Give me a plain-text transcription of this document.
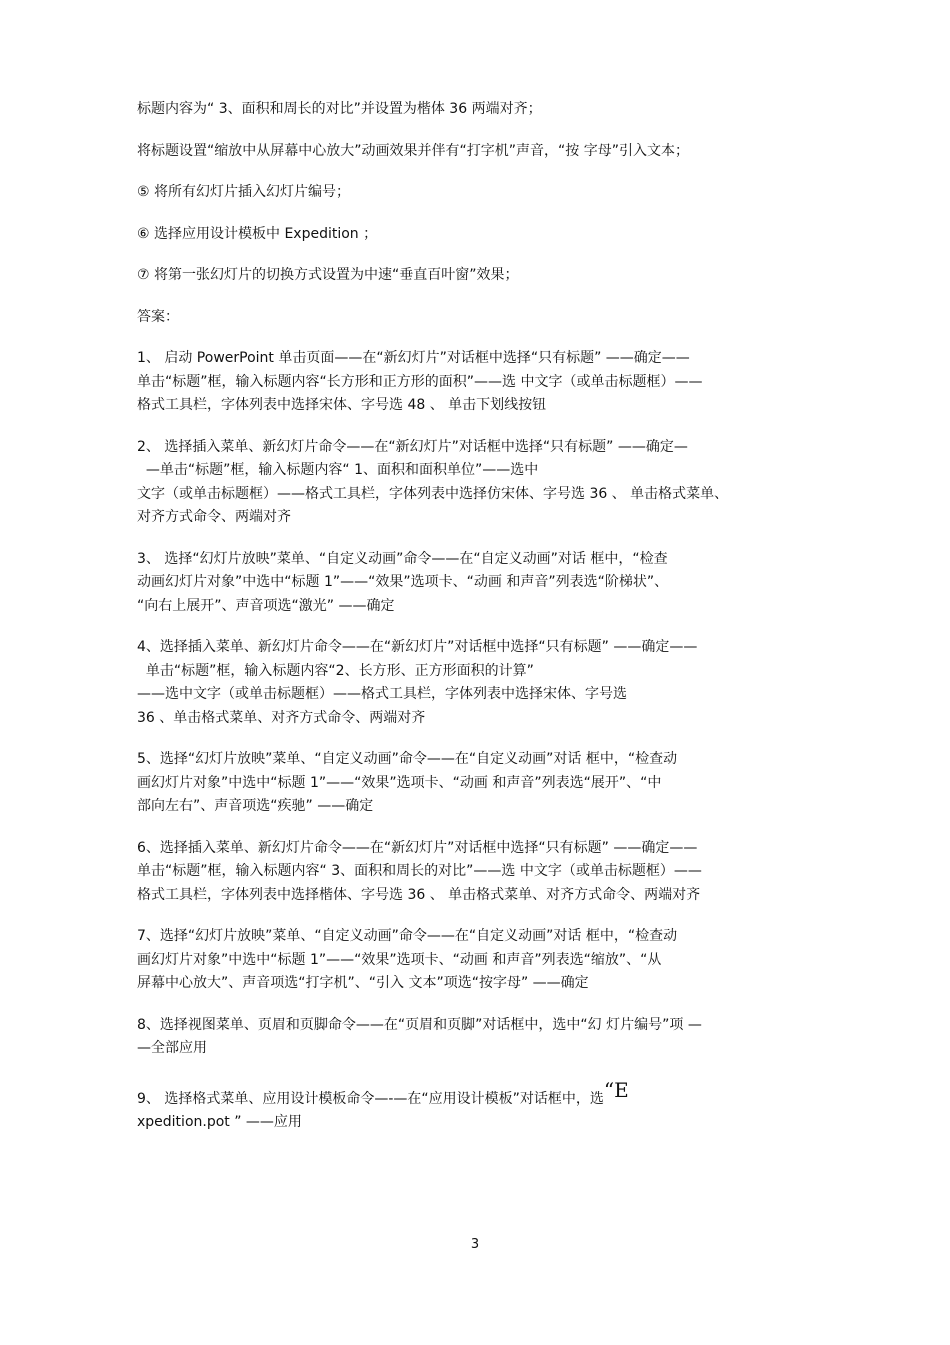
标题内容为“ 3、面积和周长的对比”并设置为楷体 36 两端对齐；

将标题设置“缩放中从屏幕中心放大”动画效果并伴有“打字机”声音，“按 字母”引入文本；

⑤ 将所有幻灯片插入幻灯片编号；

⑥ 选择应用设计模板中 Expedition ；

⑦ 将第一张幻灯片的切换方式设置为中速“垂直百叶窗”效果；

答案：

1、 启动 PowerPoint 单击页面——在“新幻灯片”对话框中选择“只有标题” ——确定——
单击“标题”框，输入标题内容“长方形和正方形的面积”——选 中文字（或单击标题框）——
格式工具栏，字体列表中选择宋体、字号选 48 、 单击下划线按钮

2、 选择插入菜单、新幻灯片命令——在“新幻灯片”对话框中选择“只有标题” ——确定—
—单击“标题”框，输入标题内容“ 1、面积和面积单位”——选中
文字（或单击标题框）——格式工具栏，字体列表中选择仿宋体、字号选 36 、 单击格式菜单、
对齐方式命令、两端对齐

3、 选择“幻灯片放映”菜单、“自定义动画”命令——在“自定义动画”对话 框中，“检查
动画幻灯片对象”中选中“标题 1”——“效果”选项卡、“动画 和声音”列表选“阶梯状”、
“向右上展开”、声音项选“激光” ——确定

4、选择插入菜单、新幻灯片命令——在“新幻灯片”对话框中选择“只有标题” ——确定——
单击“标题”框，输入标题内容“2、长方形、正方形面积的计算”
——选中文字（或单击标题框）——格式工具栏，字体列表中选择宋体、字号选
36 、单击格式菜单、对齐方式命令、两端对齐

5、选择“幻灯片放映”菜单、“自定义动画”命令——在“自定义动画”对话 框中，“检查动
画幻灯片对象”中选中“标题 1”——“效果”选项卡、“动画 和声音”列表选“展开”、“中
部向左右”、声音项选“疾驰” ——确定

6、选择插入菜单、新幻灯片命令——在“新幻灯片”对话框中选择“只有标题” ——确定——
单击“标题”框，输入标题内容“ 3、面积和周长的对比”——选 中文字（或单击标题框）——
格式工具栏，字体列表中选择楷体、字号选 36 、 单击格式菜单、对齐方式命令、两端对齐

7、选择“幻灯片放映”菜单、“自定义动画”命令——在“自定义动画”对话 框中，“检查动
画幻灯片对象”中选中“标题 1”——“效果”选项卡、“动画 和声音”列表选“缩放”、“从
屏幕中心放大”、声音项选“打字机”、“引入 文本”项选“按字母” ——确定

8、选择视图菜单、页眉和页脚命令——在“页眉和页脚”对话框中，选中“幻 灯片编号”项 —
—全部应用

9、 选择格式菜单、应用设计模板命令—-—在“应用设计模板”对话框中，选“E
xpedition.pot ” ——应用

3
